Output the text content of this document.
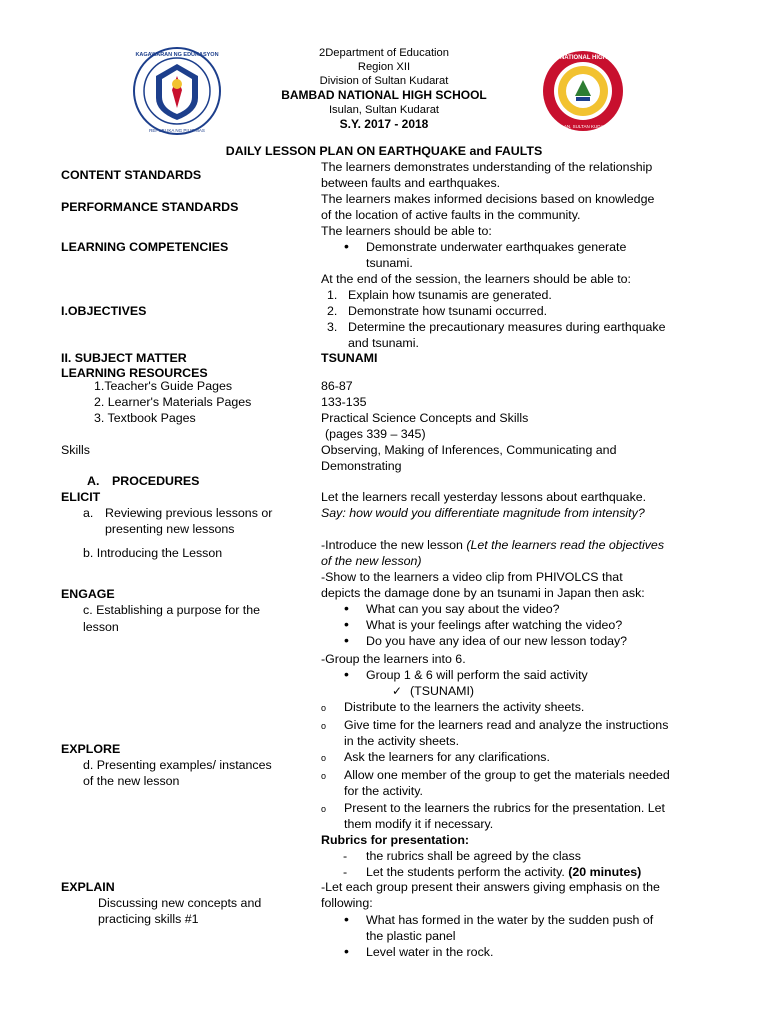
2Department of Education
Region XII
Division of Sultan Kudarat
BAMBAD NATIONAL HIGH SCHOOL
Isulan, Sultan Kudarat
S.Y. 2017 - 2018
KAGAWARAN NG EDUKASYON
REPUBLIKA NG PILIPINAS
BAMBAD NATIONAL HIGH SCHOOL
ISULAN, SULTAN KUDARAT
DAILY LESSON PLAN ON EARTHQUAKE and FAULTS
CONTENT STANDARDS
PERFORMANCE STANDARDS
LEARNING COMPETENCIES
I.OBJECTIVES
II. SUBJECT MATTER
LEARNING RESOURCES
1.Teacher's Guide Pages
2. Learner's Materials Pages
3. Textbook Pages
Skills
A. PROCEDURES
ELICIT
a. Reviewing previous lessons or
presenting new lessons
b. Introducing the Lesson
ENGAGE
c. Establishing a purpose for the
lesson
EXPLORE
d. Presenting examples/ instances
of the new lesson
EXPLAIN
Discussing new concepts and
practicing skills #1
The learners demonstrates understanding of the relationship
between faults and earthquakes.
The learners makes informed decisions based on knowledge
of the location of active faults in the community.
The learners should be able to:
• Demonstrate underwater earthquakes generate
tsunami.
At the end of the session, the learners should be able to:
1. Explain how tsunamis are generated.
2. Demonstrate how tsunami occurred.
3. Determine the precautionary measures during earthquake
and tsunami.
TSUNAMI
86-87
133-135
Practical Science Concepts and Skills
(pages 339 – 345)
Observing, Making of Inferences, Communicating and
Demonstrating
Let the learners recall yesterday lessons about earthquake.
Say: how would you differentiate magnitude from intensity?
-Introduce the new lesson (Let the learners read the objectives
of the new lesson)
-Show to the learners a video clip from PHIVOLCS that
depicts the damage done by an tsunami in Japan then ask:
• What can you say about the video?
• What is your feelings after watching the video?
• Do you have any idea of our new lesson today?
-Group the learners into 6.
• Group 1 & 6 will perform the said activity
✓ (TSUNAMI)
o Distribute to the learners the activity sheets.
o Give time for the learners read and analyze the instructions
in the activity sheets.
o Ask the learners for any clarifications.
o Allow one member of the group to get the materials needed
for the activity.
o Present to the learners the rubrics for the presentation. Let
them modify it if necessary.
Rubrics for presentation:
- the rubrics shall be agreed by the class
- Let the students perform the activity. (20 minutes)
-Let each group present their answers giving emphasis on the
following:
• What has formed in the water by the sudden push of
the plastic panel
• Level water in the rock.
